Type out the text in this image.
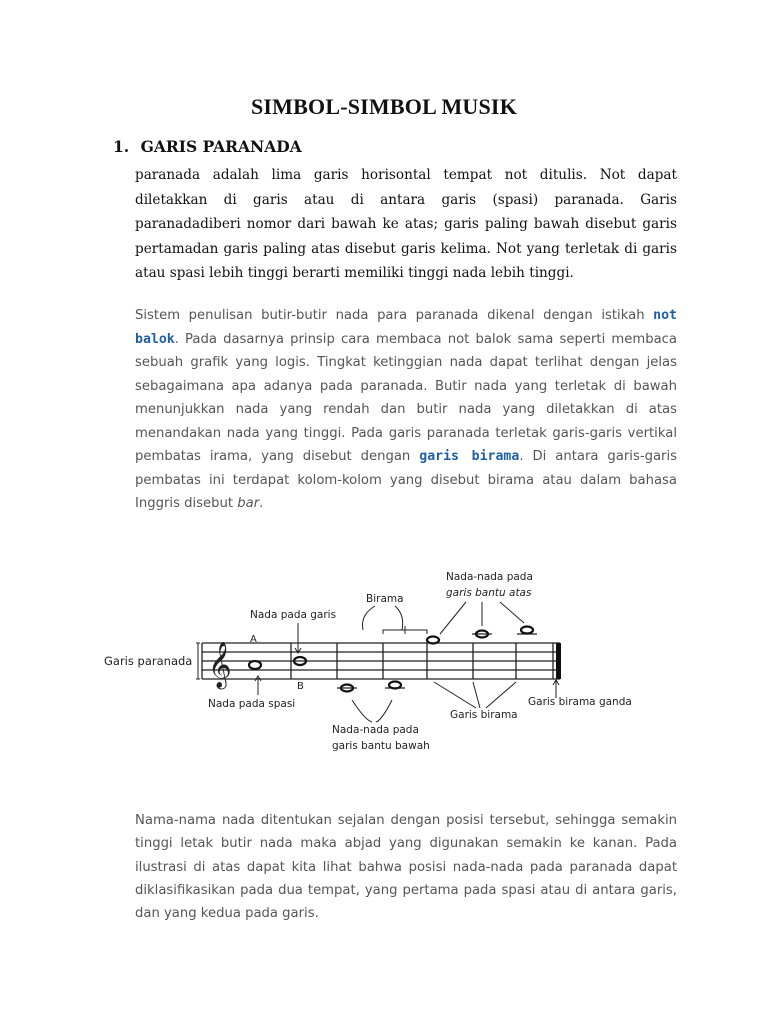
SIMBOL-SIMBOL MUSIK
1. GARIS PARANADA
paranada adalah lima garis horisontal tempat not ditulis. Not dapat diletakkan di garis atau di antara garis (spasi) paranada. Garis paranadadiberi nomor dari bawah ke atas; garis paling bawah disebut garis pertamadan garis paling atas disebut garis kelima. Not yang terletak di garis atau spasi lebih tinggi berarti memiliki tinggi nada lebih tinggi.
Sistem penulisan butir-butir nada para paranada dikenal dengan istikah not balok. Pada dasarnya prinsip cara membaca not balok sama seperti membaca sebuah grafik yang logis. Tingkat ketinggian nada dapat terlihat dengan jelas sebagaimana apa adanya pada paranada. Butir nada yang terletak di bawah menunjukkan nada yang rendah dan butir nada yang diletakkan di atas menandakan nada yang tinggi. Pada garis paranada terletak garis-garis vertikal pembatas irama, yang disebut dengan garis birama. Di antara garis-garis pembatas ini terdapat kolom-kolom yang disebut birama atau dalam bahasa Inggris disebut bar.
𝄞
Garis paranada
A
B
Nada pada garis
Birama
Nada-nada pada
garis bantu atas
Nada pada spasi
Nada-nada pada
garis bantu bawah
Garis birama
Garis birama ganda
Nama-nama nada ditentukan sejalan dengan posisi tersebut, sehingga semakin tinggi letak butir nada maka abjad yang digunakan semakin ke kanan. Pada ilustrasi di atas dapat kita lihat bahwa posisi nada-nada pada paranada dapat diklasifikasikan pada dua tempat, yang pertama pada spasi atau di antara garis, dan yang kedua pada garis.
